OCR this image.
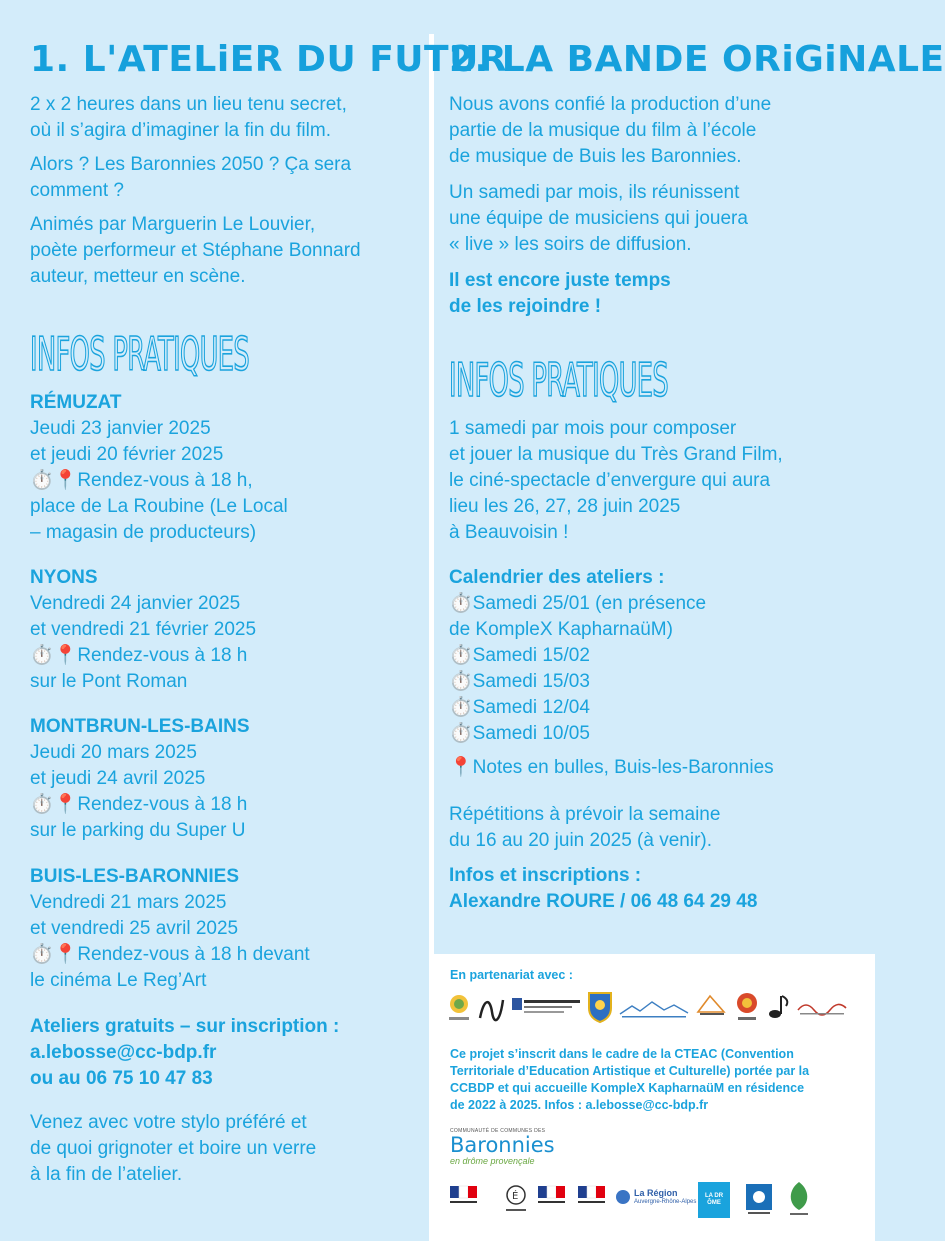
1. L'ATELiER DU FUTUR

2 x 2 heures dans un lieu tenu secret,

où il s’agira d’imaginer la fin du film.

Alors ? Les Baronnies 2050 ? Ça sera

comment ?

Animés par Marguerin Le Louvier,

poète performeur et Stéphane Bonnard

auteur, metteur en scène.

INFOS PRATIQUES
RÉMUZAT
Jeudi 23 janvier 2025
et jeudi 20 février 2025
⏱️📍Rendez-vous à 18 h,
place de La Roubine (Le Local
– magasin de producteurs)
NYONS
Vendredi 24 janvier 2025
et vendredi 21 février 2025
⏱️📍Rendez-vous à 18 h
sur le Pont Roman
MONTBRUN-LES-BAINS
Jeudi 20 mars 2025
et jeudi 24 avril 2025
⏱️📍Rendez-vous à 18 h
sur le parking du Super U
BUIS-LES-BARONNIES
Vendredi 21 mars 2025
et vendredi 25 avril 2025
⏱️📍Rendez-vous à 18 h devant
le cinéma Le Reg’Art
Ateliers gratuits – sur inscription :
a.lebosse@cc-bdp.fr
ou au 06 75 10 47 83
Venez avec votre stylo préféré et
de quoi grignoter et boire un verre
à la fin de l’atelier.
2. LA BANDE ORiGiNALE

Nous avons confié la production d’une

partie de la musique du film à l’école

de musique de Buis les Baronnies.

Un samedi par mois, ils réunissent

une équipe de musiciens qui jouera

« live » les soirs de diffusion.

Il est encore juste temps

de les rejoindre !

INFOS PRATIQUES
1 samedi par mois pour composer
et jouer la musique du Très Grand Film,
le ciné-spectacle d’envergure qui aura
lieu les 26, 27, 28 juin 2025
à Beauvoisin !
Calendrier des ateliers :
⏱️Samedi 25/01 (en présence
de KompleX KapharnaüM)
⏱️Samedi 15/02
⏱️Samedi 15/03
⏱️Samedi 12/04
⏱️Samedi 10/05
📍Notes en bulles, Buis-les-Baronnies
Répétitions à prévoir la semaine
du 16 au 20 juin 2025 (à venir).
Infos et inscriptions :
Alexandre ROURE / 06 48 64 29 48
En partenariat avec :
Ce projet s’inscrit dans le cadre de la CTEAC (Convention
Territoriale d’Education Artistique et Culturelle) portée par la
CCBDP et qui accueille KompleX KapharnaüM en résidence
de 2022 à 2025. Infos : a.lebosse@cc-bdp.fr
COMMUNAUTÉ DE COMMUNES DES
Baronnies
en drôme provençale
É	La Région
Auvergne-Rhône-Alpes
LA DRÔME
